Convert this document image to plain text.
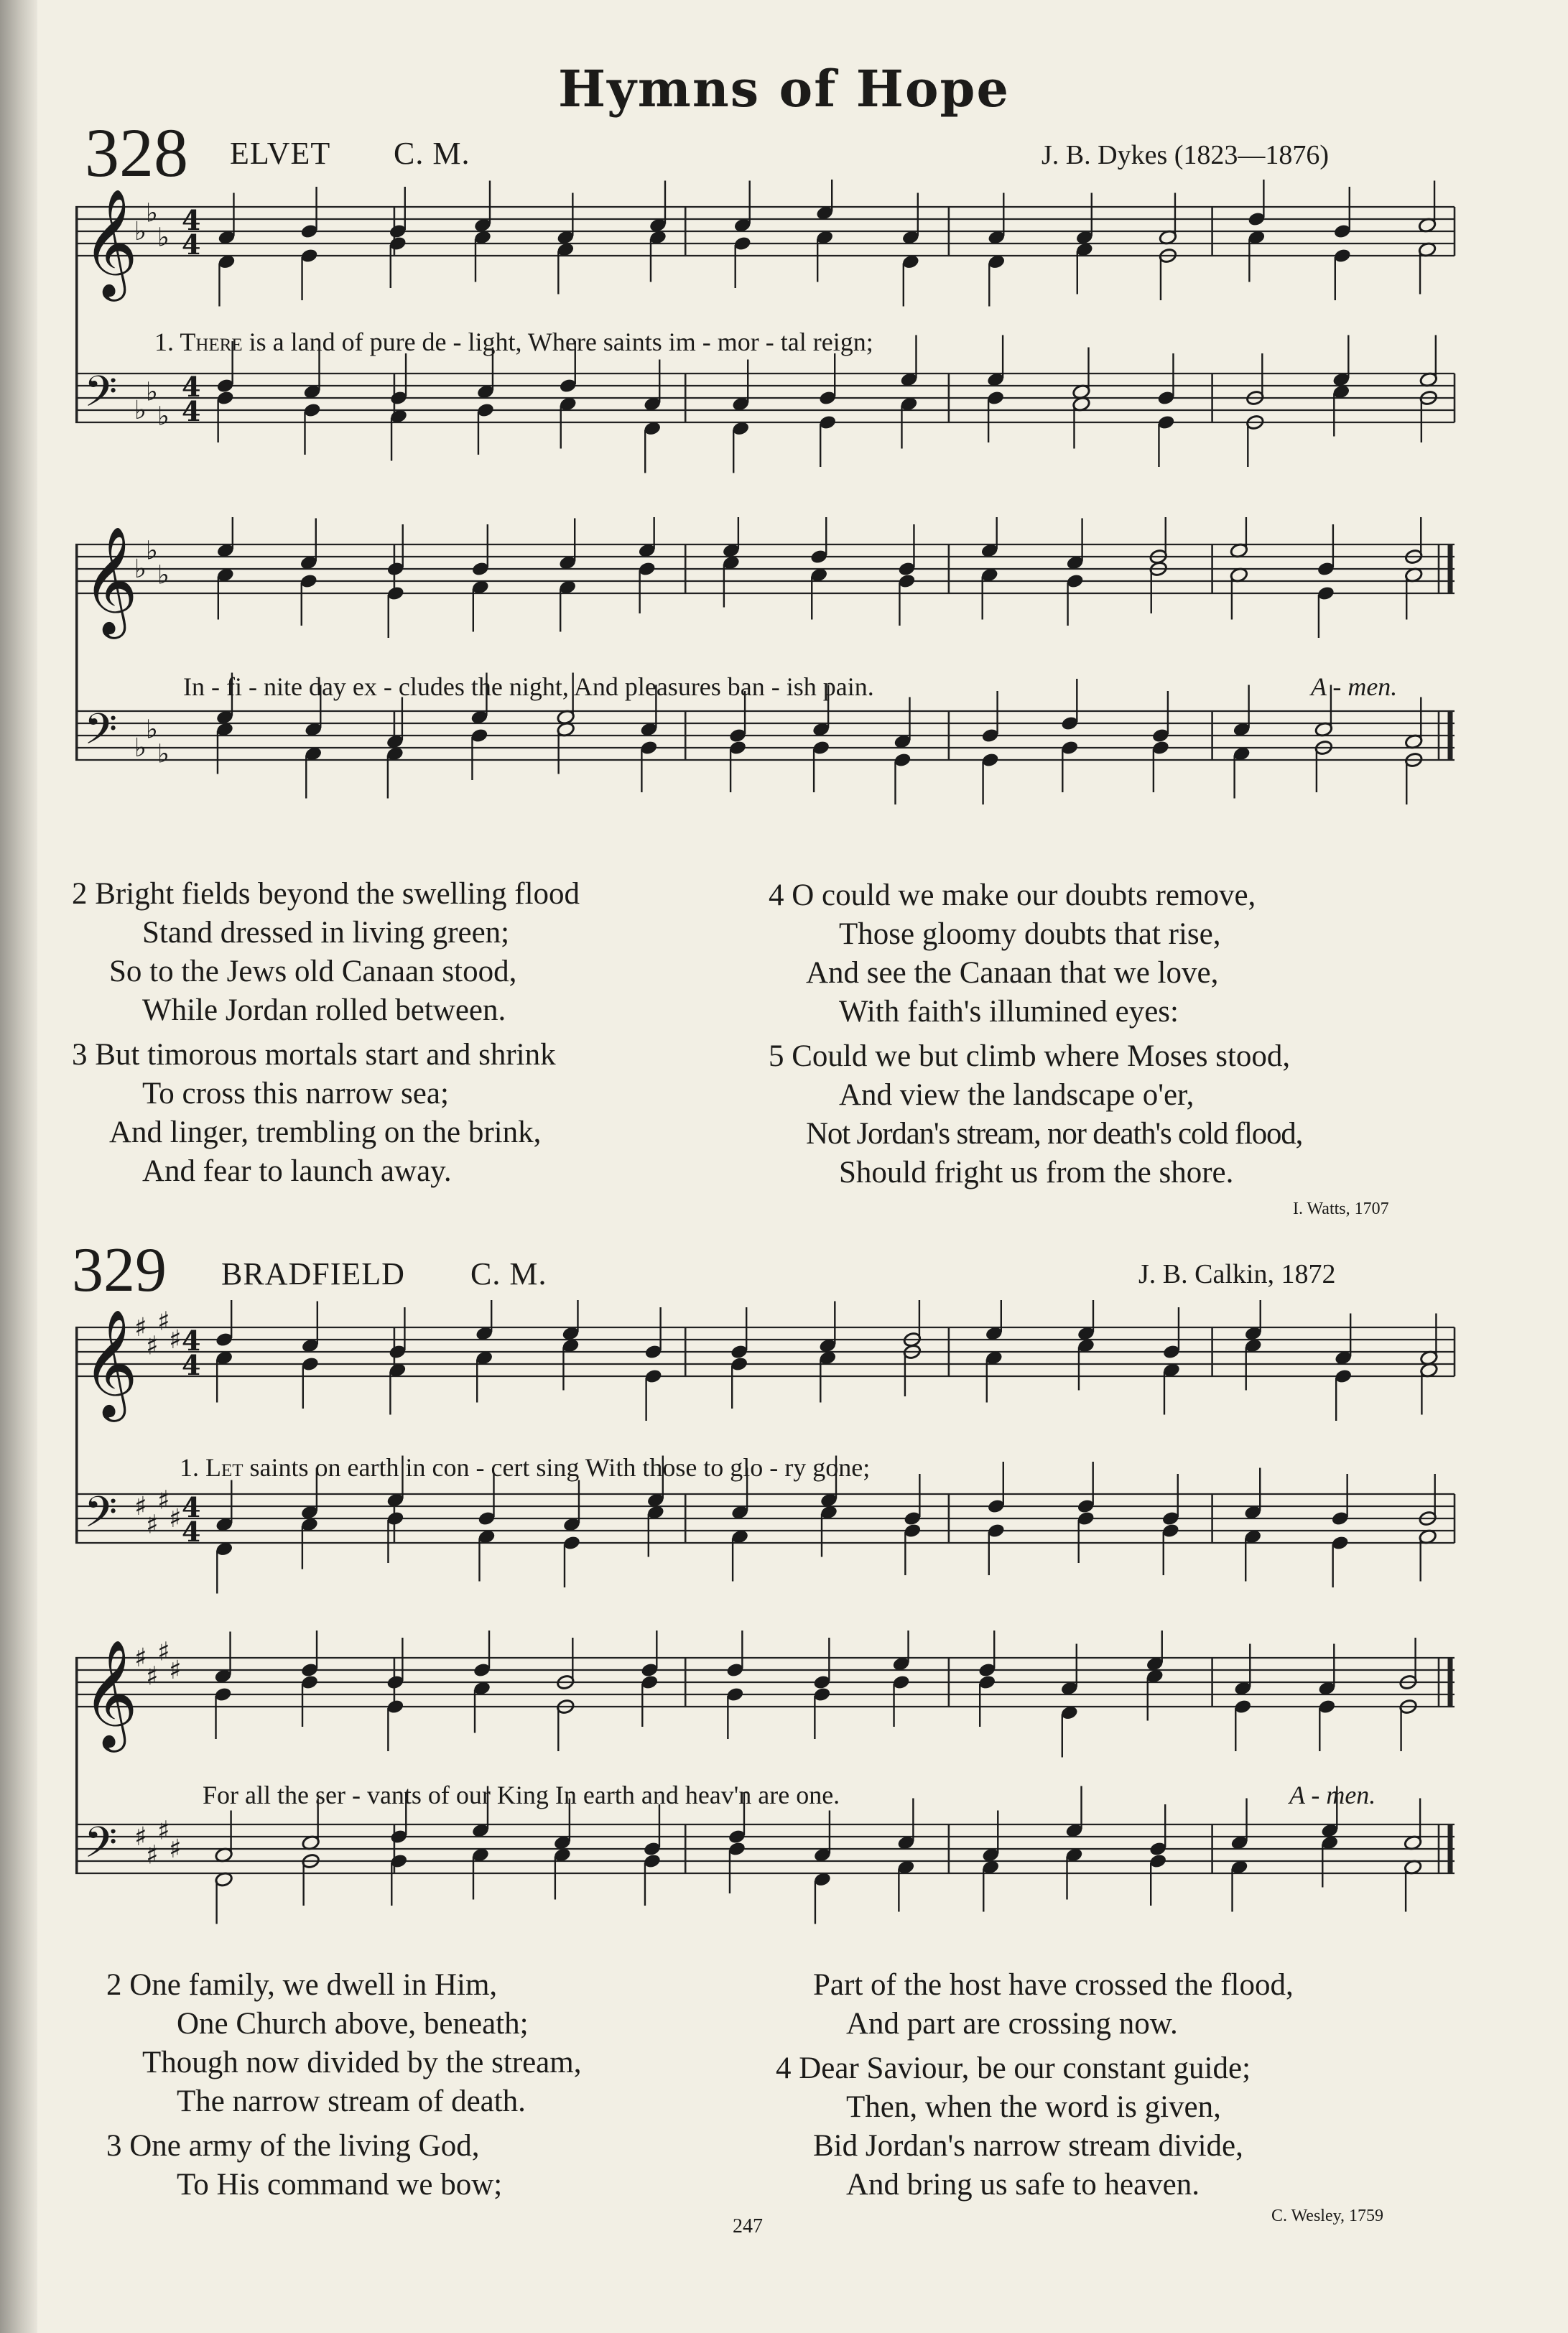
Hymns of Hope
328 ELVET C. M.	J. B. Dykes (1823—1876)
𝄞
♭
♭
♭
4
4
𝄢 ♭
♭
♭
4
4
1. There is a land of pure de - light, Where saints im - mor - tal reign;
𝄞
♭
♭
♭
𝄢 ♭
♭
♭
In - fi - nite day ex - cludes the night, And pleasures ban - ish pain.	A - men.
2 Bright fields beyond the swelling flood
Stand dressed in living green;
So to the Jews old Canaan stood,
While Jordan rolled between.
3 But timorous mortals start and shrink
To cross this narrow sea;
And linger, trembling on the brink,
And fear to launch away.
4 O could we make our doubts remove,
Those gloomy doubts that rise,
And see the Canaan that we love,
With faith's illumined eyes:
5 Could we but climb where Moses stood,
And view the landscape o'er,
Not Jordan's stream, nor death's cold flood,
Should fright us from the shore.
I. Watts, 1707
329 BRADFIELD C. M.	J. B. Calkin, 1872
𝄞
♯
♯
♯
♯ 4
4
𝄢 ♯
♯
♯
♯ 4
4
1. Let saints on earth in con - cert sing With those to glo - ry gone;
𝄞
♯
♯
♯
♯
𝄢 ♯
♯
♯
♯
For all the ser - vants of our King In earth and heav'n are one.	A - men.
2 One family, we dwell in Him,
One Church above, beneath;
Though now divided by the stream,
The narrow stream of death.
3 One army of the living God,
To His command we bow;
Part of the host have crossed the flood,
And part are crossing now.
4 Dear Saviour, be our constant guide;
Then, when the word is given,
Bid Jordan's narrow stream divide,
And bring us safe to heaven.
C. Wesley, 1759
247
